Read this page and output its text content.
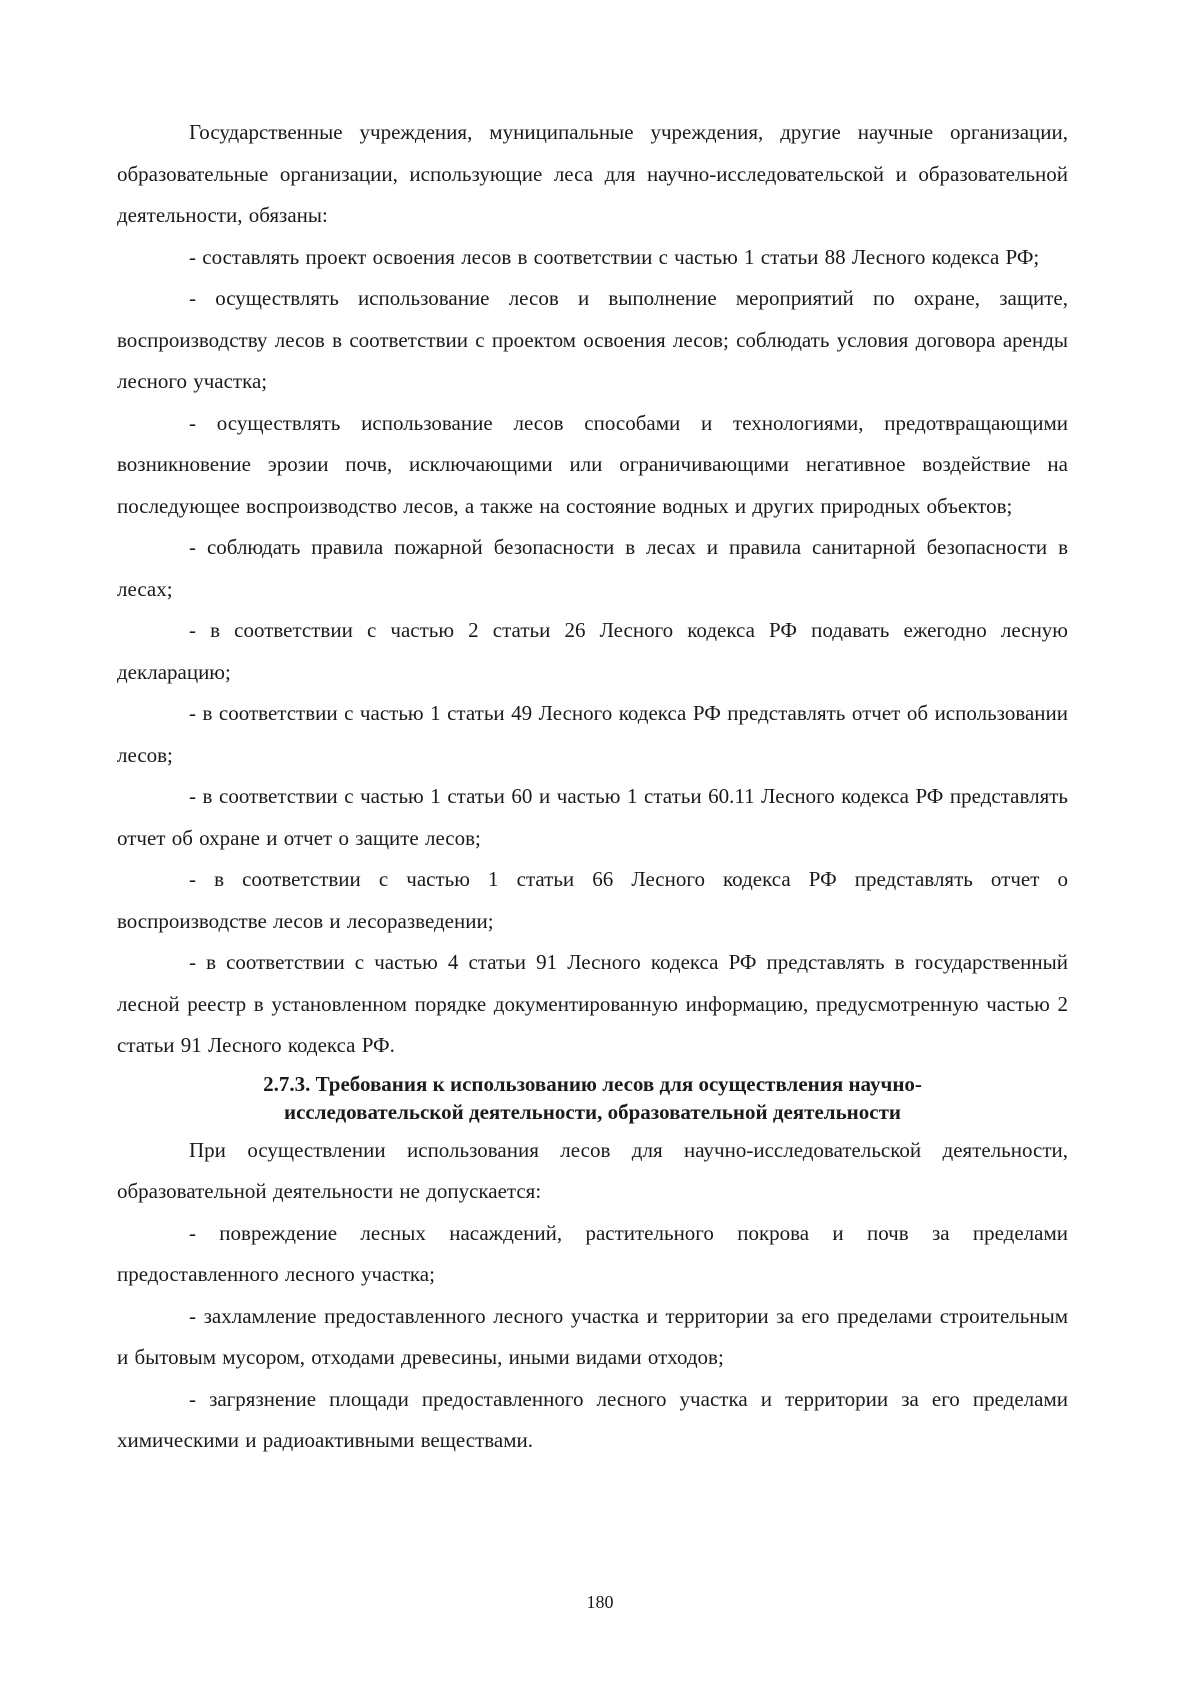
Государственные учреждения, муниципальные учреждения, другие научные организации, образовательные организации, использующие леса для научно-исследовательской и образовательной деятельности, обязаны:

- составлять проект освоения лесов в соответствии с частью 1 статьи 88 Лесного кодекса РФ;

- осуществлять использование лесов и выполнение мероприятий по охране, защите, воспроизводству лесов в соответствии с проектом освоения лесов; соблюдать условия договора аренды лесного участка;

- осуществлять использование лесов способами и технологиями, предотвращающими возникновение эрозии почв, исключающими или ограничивающими негативное воздействие на последующее воспроизводство лесов, а также на состояние водных и других природных объектов;

- соблюдать правила пожарной безопасности в лесах и правила санитарной безопасности в лесах;

- в соответствии с частью 2 статьи 26 Лесного кодекса РФ подавать ежегодно лесную декларацию;

- в соответствии с частью 1 статьи 49 Лесного кодекса РФ представлять отчет об использовании лесов;

- в соответствии с частью 1 статьи 60 и частью 1 статьи 60.11 Лесного кодекса РФ представлять отчет об охране и отчет о защите лесов;

- в соответствии с частью 1 статьи 66 Лесного кодекса РФ представлять отчет о воспроизводстве лесов и лесоразведении;

- в соответствии с частью 4 статьи 91 Лесного кодекса РФ представлять в государственный лесной реестр в установленном порядке документированную информацию, предусмотренную частью 2 статьи 91 Лесного кодекса РФ.

2.7.3. Требования к использованию лесов для осуществления научно-
исследовательской деятельности, образовательной деятельности

При осуществлении использования лесов для научно-исследовательской деятельности, образовательной деятельности не допускается:

- повреждение лесных насаждений, растительного покрова и почв за пределами предоставленного лесного участка;

- захламление предоставленного лесного участка и территории за его пределами строительным и бытовым мусором, отходами древесины, иными видами отходов;

- загрязнение площади предоставленного лесного участка и территории за его пределами химическими и радиоактивными веществами.

180
